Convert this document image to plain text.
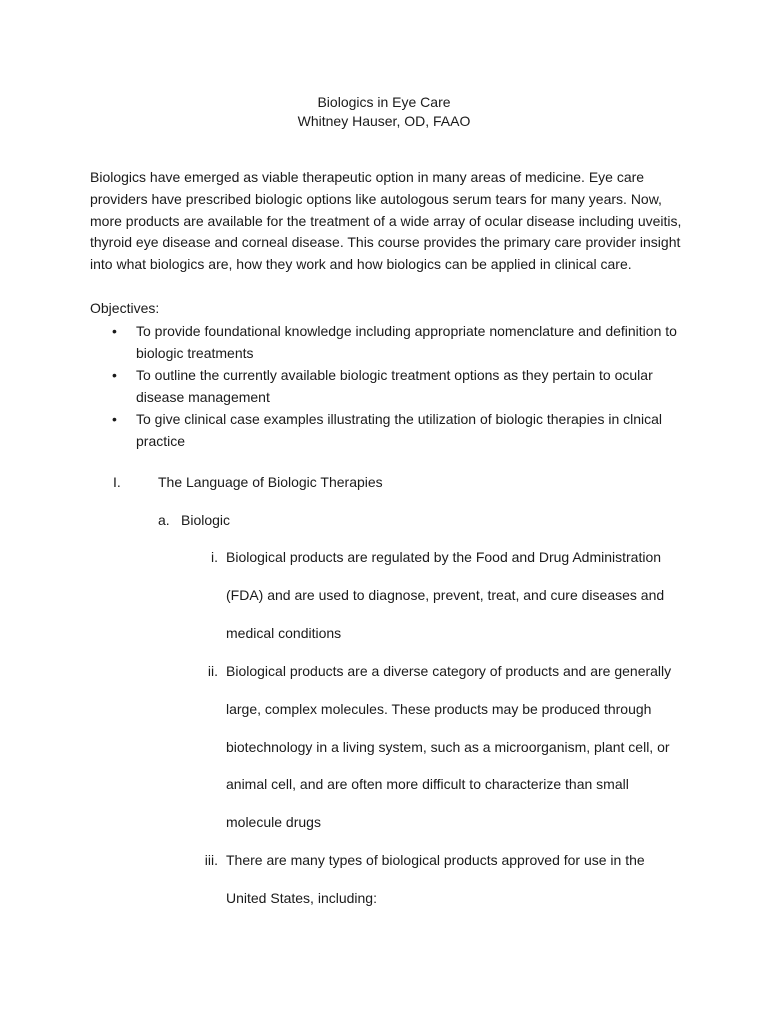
Biologics in Eye Care
Whitney Hauser, OD, FAAO

Biologics have emerged as viable therapeutic option in many areas of medicine. Eye care providers have prescribed biologic options like autologous serum tears for many years. Now, more products are available for the treatment of a wide array of ocular disease including uveitis, thyroid eye disease and corneal disease. This course provides the primary care provider insight into what biologics are, how they work and how biologics can be applied in clinical care.

Objectives:
• To provide foundational knowledge including appropriate nomenclature and definition to biologic treatments
• To outline the currently available biologic treatment options as they pertain to ocular disease management
• To give clinical case examples illustrating the utilization of biologic therapies in clnical practice
I.	The Language of Biologic Therapies
a. Biologic
i. Biological products are regulated by the Food and Drug Administration (FDA) and are used to diagnose, prevent, treat, and cure diseases and medical conditions
ii. Biological products are a diverse category of products and are generally large, complex molecules. These products may be produced through biotechnology in a living system, such as a microorganism, plant cell, or animal cell, and are often more difficult to characterize than small molecule drugs
iii. There are many types of biological products approved for use in the United States, including:
